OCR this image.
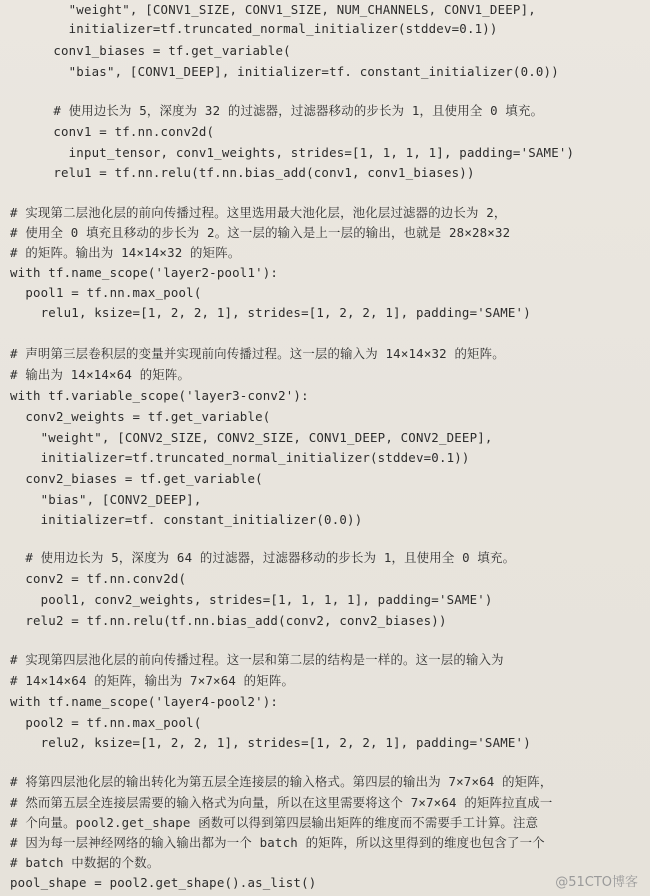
"weight", [CONV1_SIZE, CONV1_SIZE, NUM_CHANNELS, CONV1_DEEP],
initializer=tf.truncated_normal_initializer(stddev=0.1))
conv1_biases = tf.get_variable(
"bias", [CONV1_DEEP], initializer=tf. constant_initializer(0.0))
# 使用边长为 5，深度为 32 的过滤器，过滤器移动的步长为 1，且使用全 0 填充。
conv1 = tf.nn.conv2d(
input_tensor, conv1_weights, strides=[1, 1, 1, 1], padding='SAME')
relu1 = tf.nn.relu(tf.nn.bias_add(conv1, conv1_biases))
# 实现第二层池化层的前向传播过程。这里选用最大池化层，池化层过滤器的边长为 2，
# 使用全 0 填充且移动的步长为 2。这一层的输入是上一层的输出，也就是 28×28×32
# 的矩阵。输出为 14×14×32 的矩阵。
with tf.name_scope('layer2-pool1'):
pool1 = tf.nn.max_pool(
relu1, ksize=[1, 2, 2, 1], strides=[1, 2, 2, 1], padding='SAME')
# 声明第三层卷积层的变量并实现前向传播过程。这一层的输入为 14×14×32 的矩阵。
# 输出为 14×14×64 的矩阵。
with tf.variable_scope('layer3-conv2'):
conv2_weights = tf.get_variable(
"weight", [CONV2_SIZE, CONV2_SIZE, CONV1_DEEP, CONV2_DEEP],
initializer=tf.truncated_normal_initializer(stddev=0.1))
conv2_biases = tf.get_variable(
"bias", [CONV2_DEEP],
initializer=tf. constant_initializer(0.0))
# 使用边长为 5，深度为 64 的过滤器，过滤器移动的步长为 1，且使用全 0 填充。
conv2 = tf.nn.conv2d(
pool1, conv2_weights, strides=[1, 1, 1, 1], padding='SAME')
relu2 = tf.nn.relu(tf.nn.bias_add(conv2, conv2_biases))
# 实现第四层池化层的前向传播过程。这一层和第二层的结构是一样的。这一层的输入为
# 14×14×64 的矩阵，输出为 7×7×64 的矩阵。
with tf.name_scope('layer4-pool2'):
pool2 = tf.nn.max_pool(
relu2, ksize=[1, 2, 2, 1], strides=[1, 2, 2, 1], padding='SAME')
# 将第四层池化层的输出转化为第五层全连接层的输入格式。第四层的输出为 7×7×64 的矩阵，
# 然而第五层全连接层需要的输入格式为向量，所以在这里需要将这个 7×7×64 的矩阵拉直成一
# 个向量。pool2.get_shape 函数可以得到第四层输出矩阵的维度而不需要手工计算。注意
# 因为每一层神经网络的输入输出都为一个 batch 的矩阵，所以这里得到的维度也包含了一个
# batch 中数据的个数。
pool_shape = pool2.get_shape().as_list()	@51CTO博客
